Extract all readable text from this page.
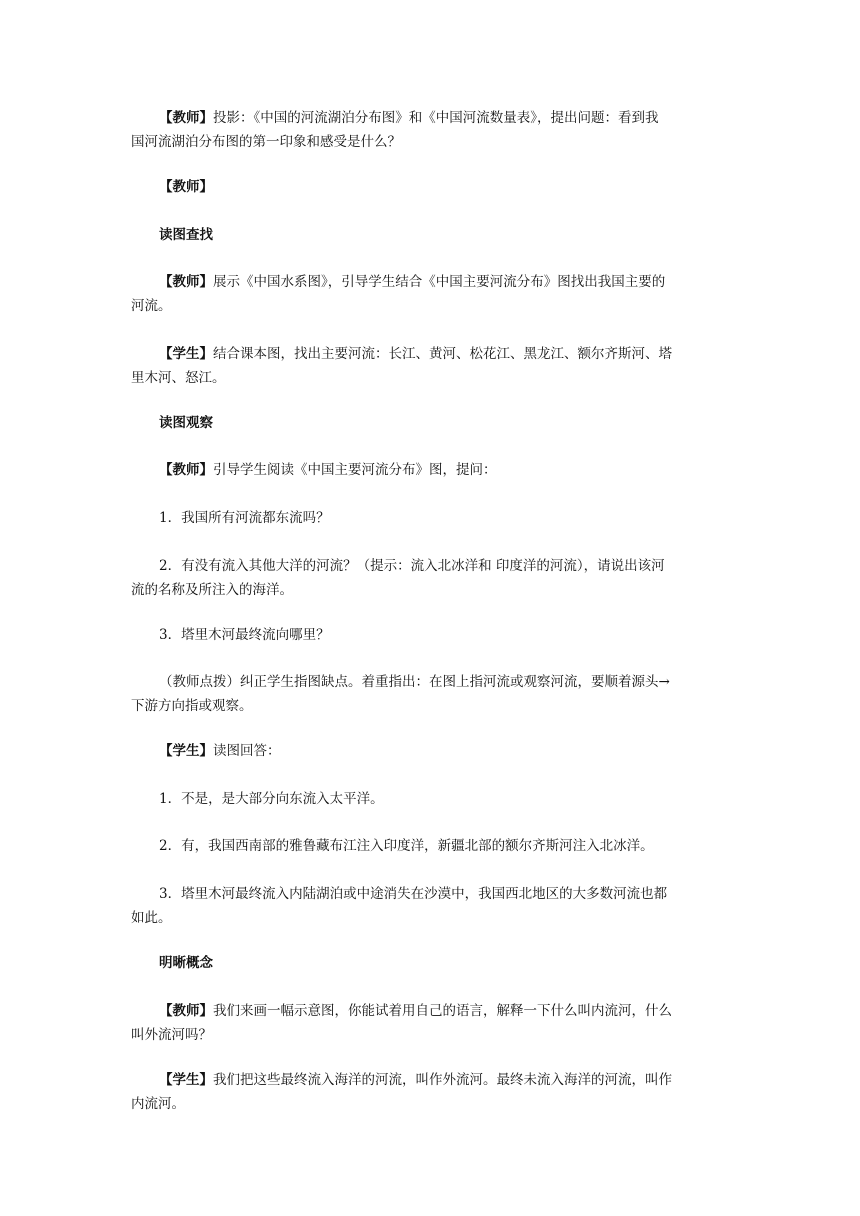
【教师】投影：《中国的河流湖泊分布图》和《中国河流数量表》，提出问题：看到我
国河流湖泊分布图的第一印象和感受是什么？

【教师】

读图查找

【教师】展示《中国水系图》，引导学生结合《中国主要河流分布》图找出我国主要的
河流。

【学生】结合课本图，找出主要河流：长江、黄河、松花江、黑龙江、额尔齐斯河、塔
里木河、怒江。

读图观察

【教师】引导学生阅读《中国主要河流分布》图，提问：

1．我国所有河流都东流吗？

2．有没有流入其他大洋的河流？（提示：流入北冰洋和 印度洋的河流），请说出该河
流的名称及所注入的海洋。

3．塔里木河最终流向哪里？

（教师点拨）纠正学生指图缺点。着重指出：在图上指河流或观察河流，要顺着源头→
下游方向指或观察。

【学生】读图回答：

1．不是，是大部分向东流入太平洋。

2．有，我国西南部的雅鲁藏布江注入印度洋，新疆北部的额尔齐斯河注入北冰洋。

3．塔里木河最终流入内陆湖泊或中途消失在沙漠中，我国西北地区的大多数河流也都
如此。

明晰概念

【教师】我们来画一幅示意图，你能试着用自己的语言，解释一下什么叫内流河，什么
叫外流河吗？

【学生】我们把这些最终流入海洋的河流，叫作外流河。最终未流入海洋的河流，叫作
内流河。
